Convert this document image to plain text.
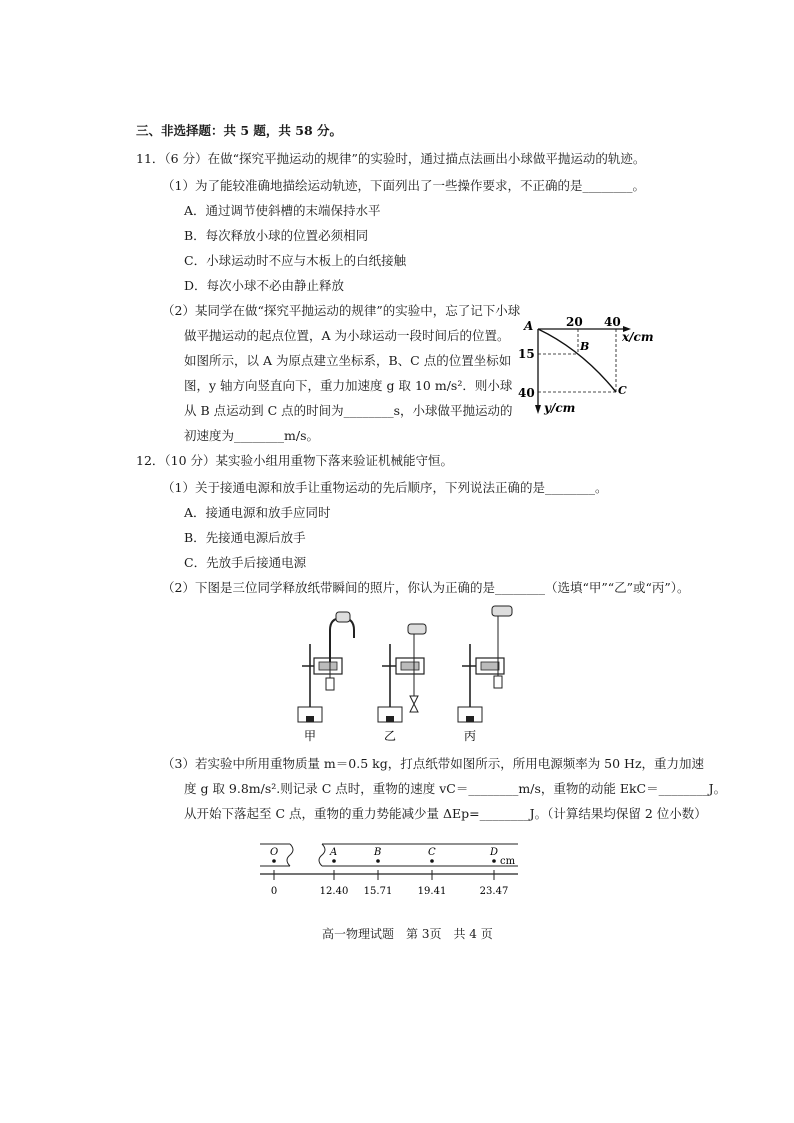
三、非选择题：共 5 题，共 58 分。
11．（6 分）在做“探究平抛运动的规律”的实验时，通过描点法画出小球做平抛运动的轨迹。
（1）为了能较准确地描绘运动轨迹，下面列出了一些操作要求，不正确的是________。
A．通过调节使斜槽的末端保持水平
B．每次释放小球的位置必须相同
C．小球运动时不应与木板上的白纸接触
D．每次小球不必由静止释放
（2）某同学在做“探究平抛运动的规律”的实验中，忘了记下小球
做平抛运动的起点位置，A 为小球运动一段时间后的位置。
如图所示，以 A 为原点建立坐标系，B、C 点的位置坐标如
图，y 轴方向竖直向下，重力加速度 g 取 10 m/s²．则小球
从 B 点运动到 C 点的时间为________s，小球做平抛运动的
初速度为________m/s。
A	20 40
x/cm
15
40
y/cm
B
C
12．（10 分）某实验小组用重物下落来验证机械能守恒。
（1）关于接通电源和放手让重物运动的先后顺序，下列说法正确的是________。
A．接通电源和放手应同时
B．先接通电源后放手
C．先放手后接通电源
（2）下图是三位同学释放纸带瞬间的照片，你认为正确的是________（选填“甲”“乙”或“丙”）。
甲	乙	丙
（3）若实验中所用重物质量 m＝0.5 kg，打点纸带如图所示，所用电源频率为 50 Hz，重力加速
度 g 取 9.8m/s².则记录 C 点时，重物的速度 vC＝________m/s，重物的动能 EkC＝________J。
从开始下落起至 C 点，重物的重力势能减少量 ΔEp=________J。（计算结果均保留 2 位小数）
O
0
A
12.40
B
15.71
C
19.41
D
23.47
cm
高一物理试题　第 3页　共 4 页
